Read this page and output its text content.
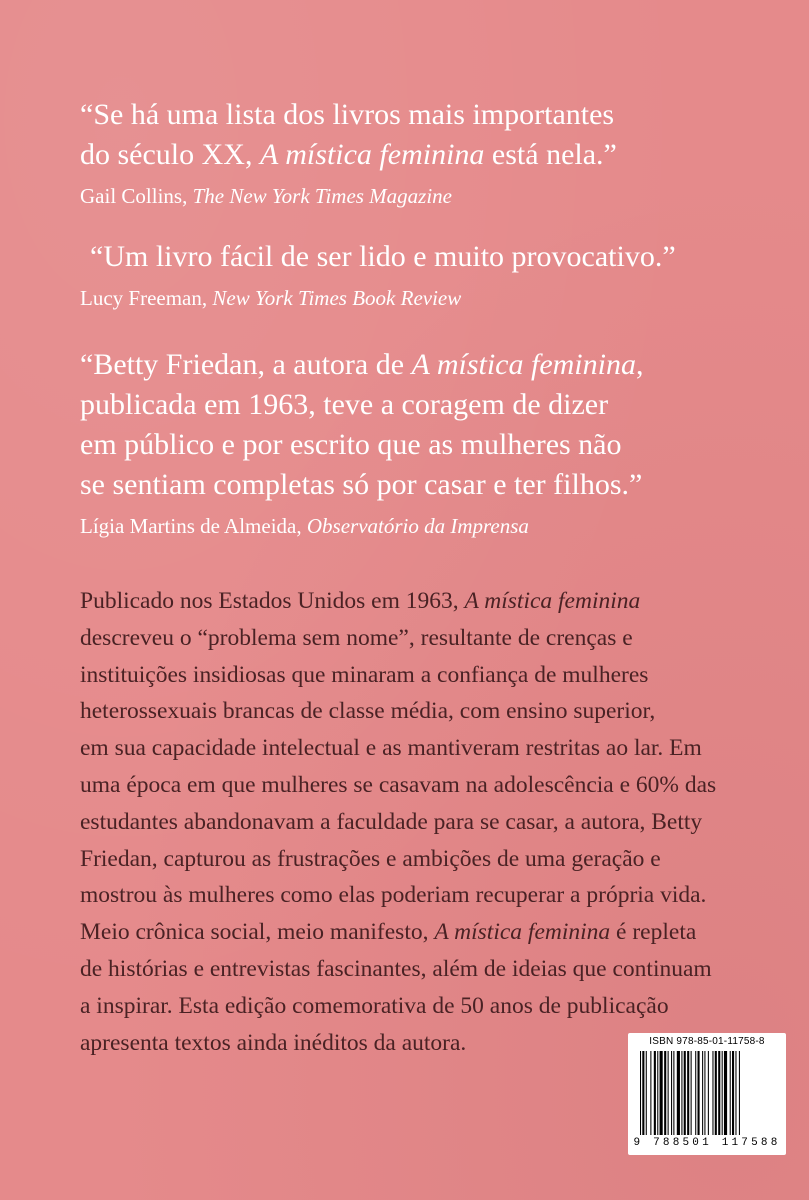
“Se há uma lista dos livros mais importantes
do século XX, A mística feminina está nela.”

Gail Collins, The New York Times Magazine

“Um livro fácil de ser lido e muito provocativo.”

Lucy Freeman, New York Times Book Review

“Betty Friedan, a autora de A mística feminina,
publicada em 1963, teve a coragem de dizer
em público e por escrito que as mulheres não
se sentiam completas só por casar e ter filhos.”

Lígia Martins de Almeida, Observatório da Imprensa

Publicado nos Estados Unidos em 1963, A mística feminina
descreveu o “problema sem nome”, resultante de crenças e
instituições insidiosas que minaram a confiança de mulheres
heterossexuais brancas de classe média, com ensino superior,
em sua capacidade intelectual e as mantiveram restritas ao lar. Em
uma época em que mulheres se casavam na adolescência e 60% das
estudantes abandonavam a faculdade para se casar, a autora, Betty
Friedan, capturou as frustrações e ambições de uma geração e
mostrou às mulheres como elas poderiam recuperar a própria vida.
Meio crônica social, meio manifesto, A mística feminina é repleta
de histórias e entrevistas fascinantes, além de ideias que continuam
a inspirar. Esta edição comemorativa de 50 anos de publicação
apresenta textos ainda inéditos da autora.	ISBN 978-85-01-11758-8
9 788501 117588
